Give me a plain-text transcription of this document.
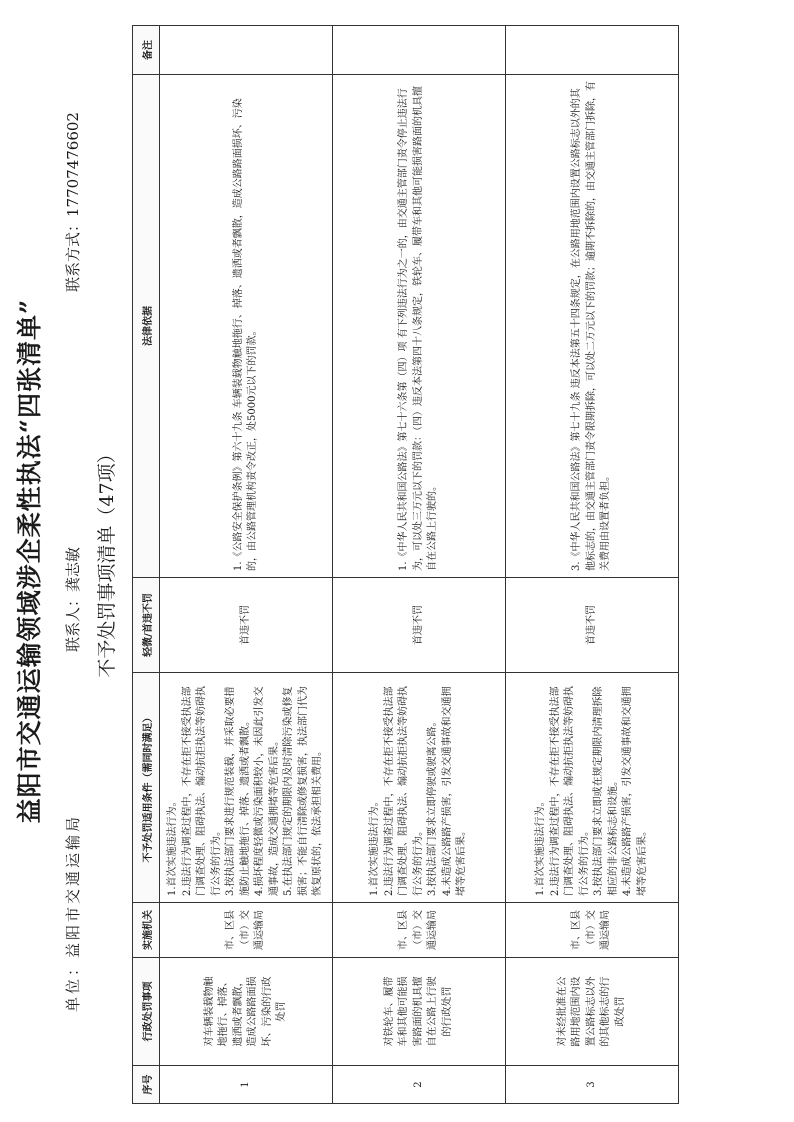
益阳市交通运输领域涉企柔性执法“四张清单”
单位：益阳市交通运输局
联系人：龚志敏
联系方式：17707476602
不予处罚事项清单（47项）
序号	行政处罚事项	实施机关	不予处罚适用条件（需同时满足）	轻微/首违不罚	法律依据	备注
1	对车辆装载物触地拖行、掉落、遗洒或者飘散，造成公路路面损坏、污染的行政处罚	市、区县（市）交通运输局	1.首次实施违法行为。 2.违法行为调查过程中，不存在拒不接受执法部门调查处理、阻碍执法、煽动抗拒执法等妨碍执行公务的行为。 3.按执法部门要求进行规范装载，并采取必要措施防止触地拖行、掉落、遗洒或者飘散。 4.损坏程度轻微或污染面积较小，未因此引发交通事故，造成交通拥堵等危害后果。 5.在执法部门规定的期限内及时清除污染或修复损害；不能自行清除或修复损害，执法部门代为恢复原状的，依法承担相关费用。	首违不罚	1.《公路安全保护条例》第六十九条 车辆装载物触地拖行、掉落、遗洒或者飘散，造成公路路面损坏、污染的，由公路管理机构责令改正，处5000元以下的罚款。	
2	对铁轮车、履带车和其他可能损害路面的机具擅自在公路上行驶的行政处罚	市、区县（市）交通运输局	1.首次实施违法行为。 2.违法行为调查过程中，不存在拒不接受执法部门调查处理、阻碍执法、煽动抗拒执法等妨碍执行公务的行为。 3.按执法部门要求立即停驶或驶离公路。 4.未造成公路路产损害，引发交通事故和交通拥堵等危害后果。	首违不罚	1.《中华人民共和国公路法》第七十六条第（四）项 有下列违法行为之一的，由交通主管部门责令停止违法行为，可以处三万元以下的罚款：（四）违反本法第四十八条规定，铁轮车、履带车和其他可能损害路面的机具擅自在公路上行驶的。	
3	对未经批准在公路用地范围内设置公路标志以外的其他标志的行政处罚	市、区县（市）交通运输局	1.首次实施违法行为。 2.违法行为调查过程中，不存在拒不接受执法部门调查处理、阻碍执法、煽动抗拒执法等妨碍执行公务的行为。 3.按执法部门要求立即或在规定期限内清理拆除相应的非公路标志和设施。 4.未造成公路路产损害，引发交通事故和交通拥堵等危害后果。	首违不罚	3.《中华人民共和国公路法》第七十九条 违反本法第五十四条规定，在公路用地范围内设置公路标志以外的其他标志的，由交通主管部门责令限期拆除，可以处二万元以下的罚款；逾期不拆除的，由交通主管部门拆除，有关费用由设置者负担。	
